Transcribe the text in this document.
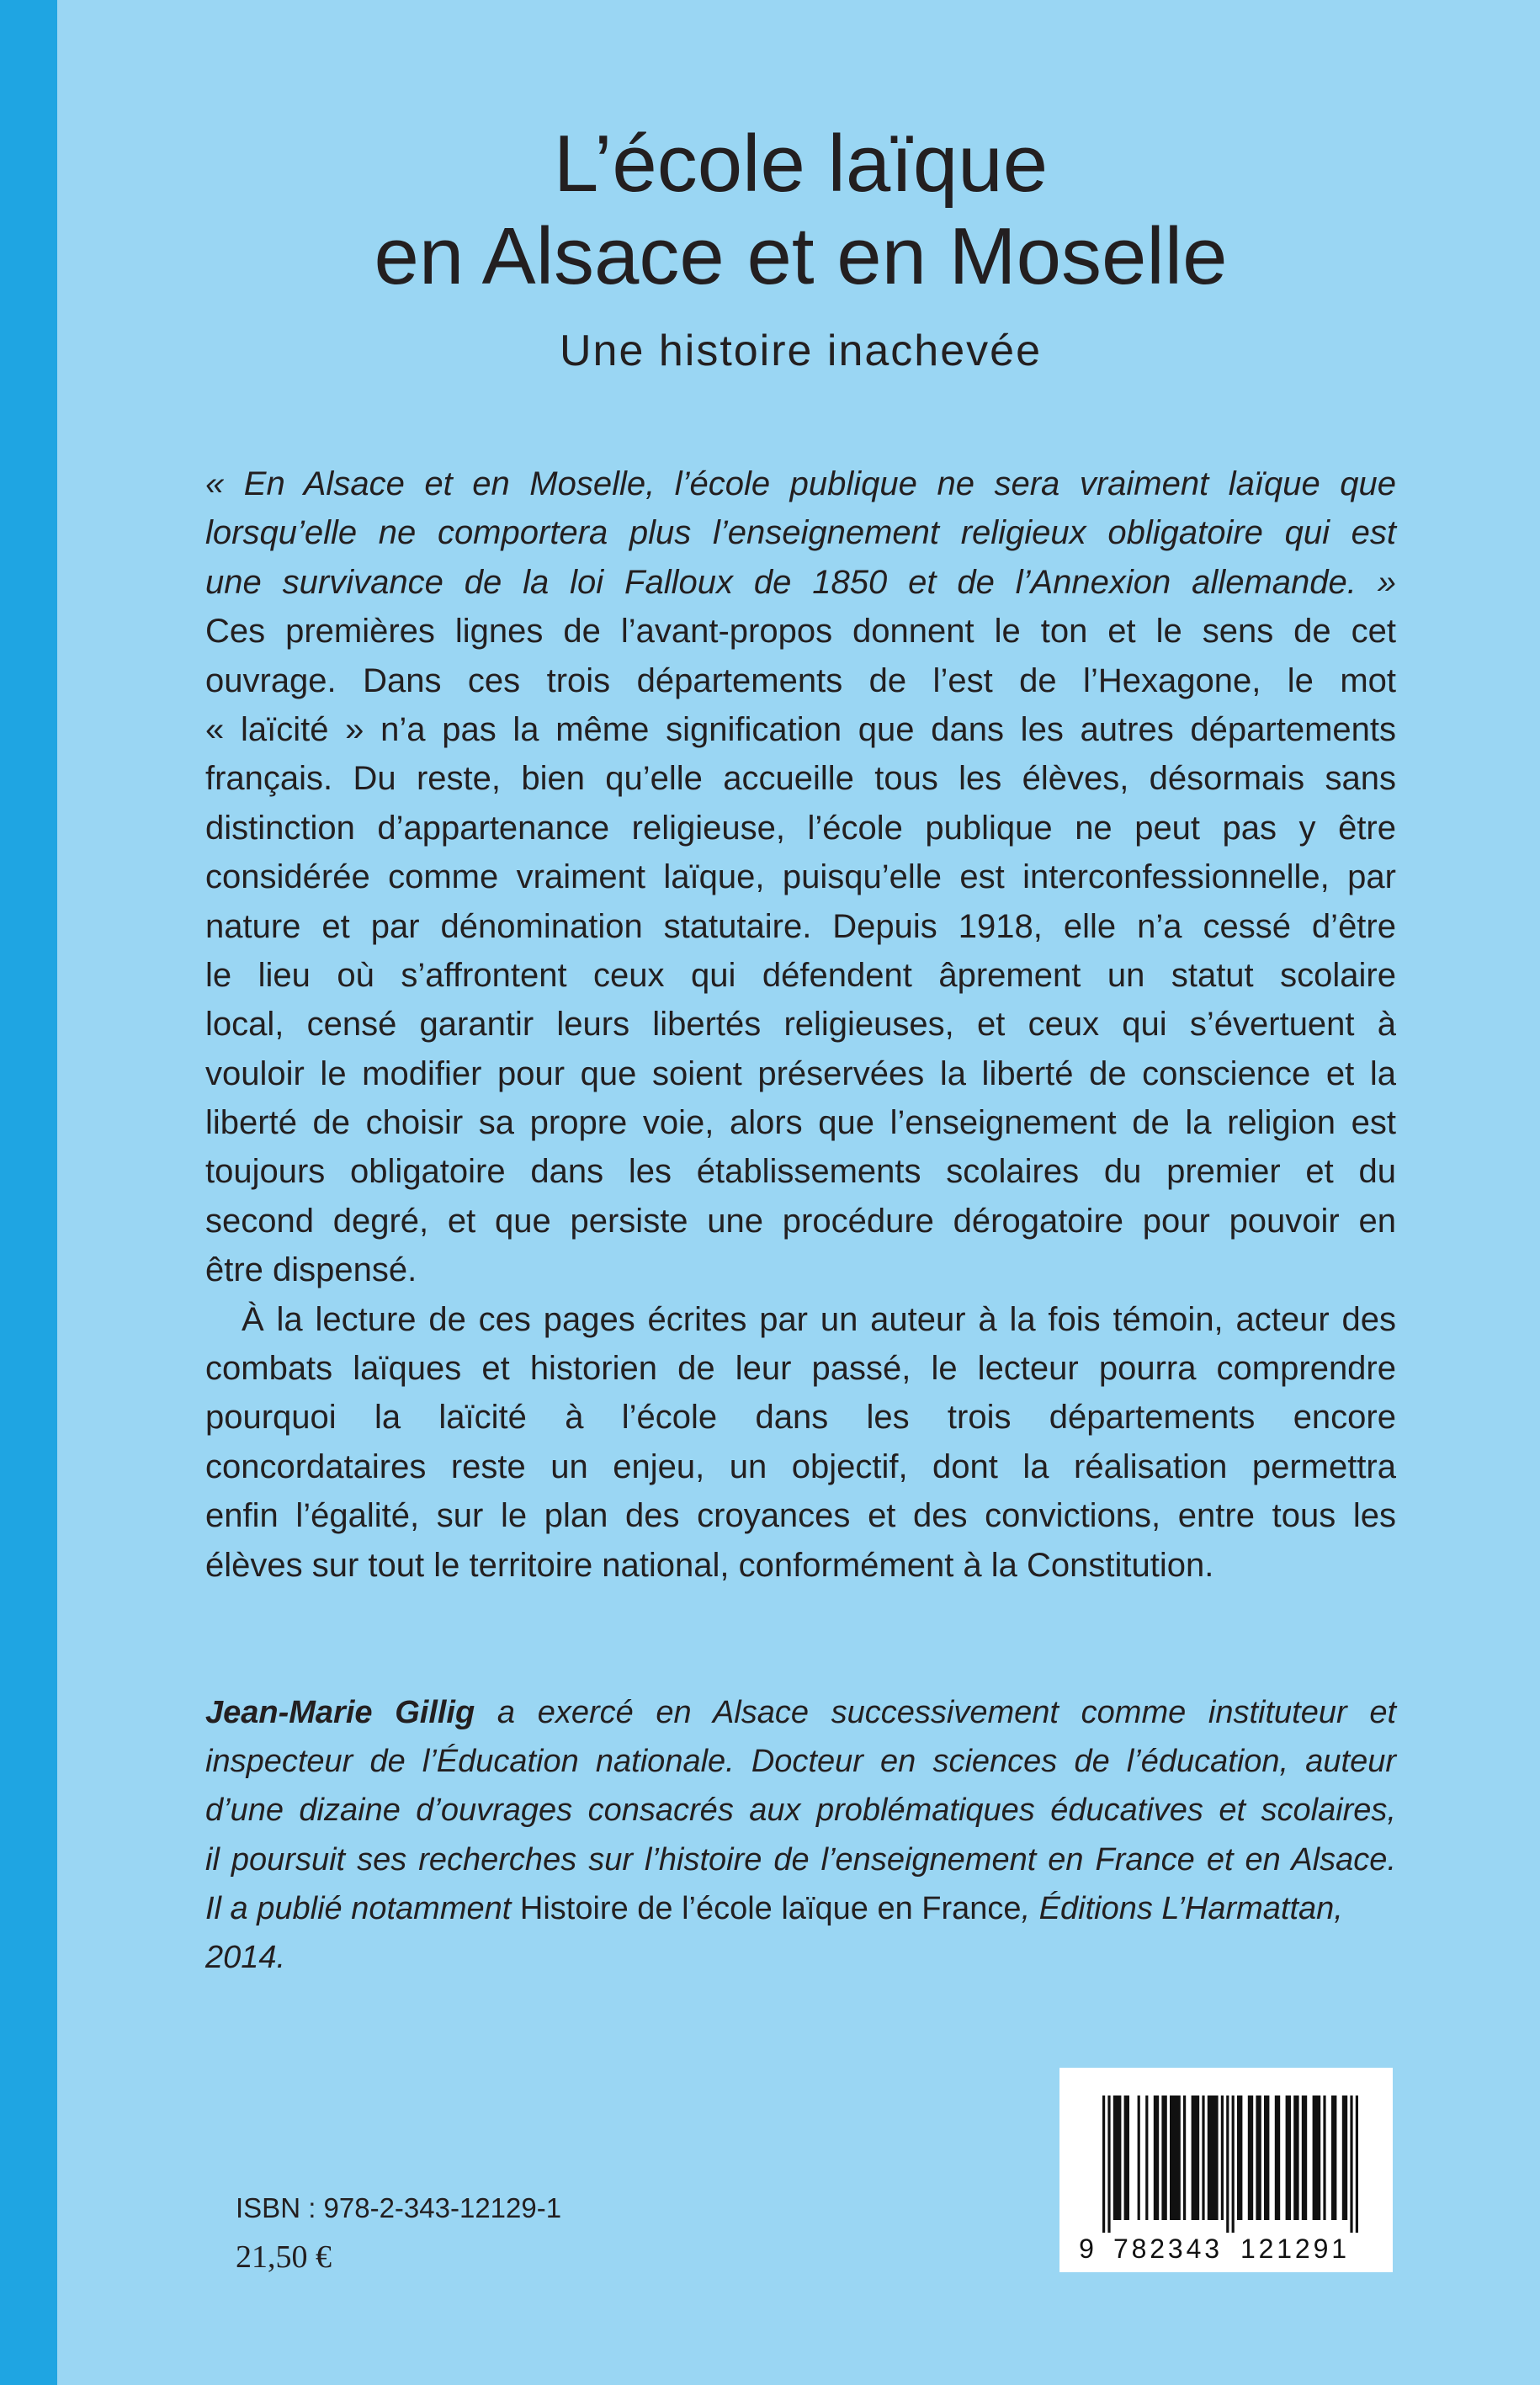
L’école laïque
en Alsace et en Moselle
Une histoire inachevée
« En Alsace et en Moselle, l’école publique ne sera vraiment laïque que
lorsqu’elle ne comportera plus l’enseignement religieux obligatoire qui est
une survivance de la loi Falloux de 1850 et de l’Annexion allemande. »
Ces premières lignes de l’avant-propos donnent le ton et le sens de cet
ouvrage. Dans ces trois départements de l’est de l’Hexagone, le mot
« laïcité » n’a pas la même signification que dans les autres départements
français. Du reste, bien qu’elle accueille tous les élèves, désormais sans
distinction d’appartenance religieuse, l’école publique ne peut pas y être
considérée comme vraiment laïque, puisqu’elle est interconfessionnelle, par
nature et par dénomination statutaire. Depuis 1918, elle n’a cessé d’être
le lieu où s’affrontent ceux qui défendent âprement un statut scolaire
local, censé garantir leurs libertés religieuses, et ceux qui s’évertuent à
vouloir le modifier pour que soient préservées la liberté de conscience et la
liberté de choisir sa propre voie, alors que l’enseignement de la religion est
toujours obligatoire dans les établissements scolaires du premier et du
second degré, et que persiste une procédure dérogatoire pour pouvoir en
être dispensé.
À la lecture de ces pages écrites par un auteur à la fois témoin, acteur des
combats laïques et historien de leur passé, le lecteur pourra comprendre
pourquoi la laïcité à l’école dans les trois départements encore
concordataires reste un enjeu, un objectif, dont la réalisation permettra
enfin l’égalité, sur le plan des croyances et des convictions, entre tous les
élèves sur tout le territoire national, conformément à la Constitution.
Jean-Marie Gillig a exercé en Alsace successivement comme instituteur et
inspecteur de l’Éducation nationale. Docteur en sciences de l’éducation, auteur
d’une dizaine d’ouvrages consacrés aux problématiques éducatives et scolaires,
il poursuit ses recherches sur l’histoire de l’enseignement en France et en Alsace.
Il a publié notamment Histoire de l’école laïque en France, Éditions L’Harmattan,
2014.
ISBN : 978-2-343-12129-1
21,50 €	9 782343 121291
